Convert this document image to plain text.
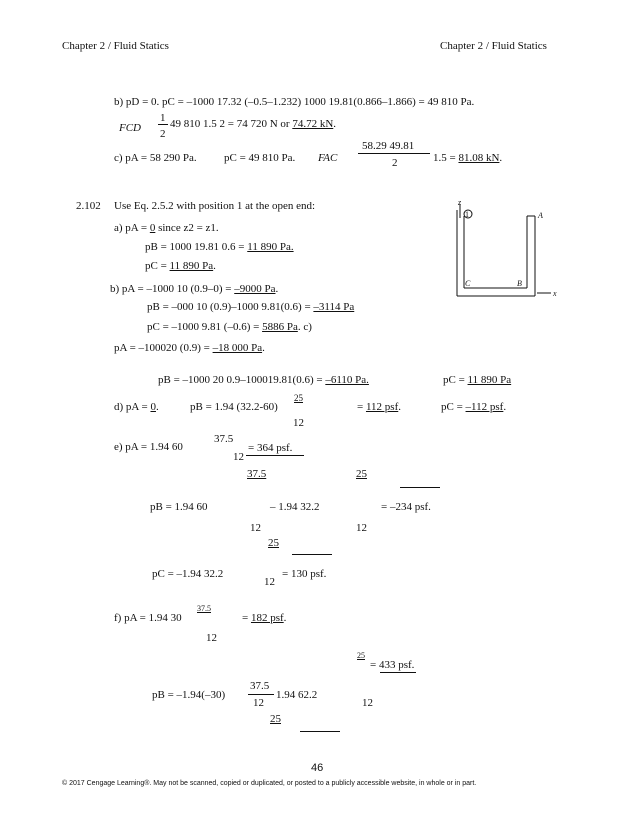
Chapter 2 / Fluid Statics	Chapter 2 / Fluid Statics
b) pD = 0. pC = –1000 17.32 (–0.5–1.232) 1000 19.81(0.866–1.866) = 49 810 Pa.
FCD
1
2
49 810 1.5 2 = 74 720 N or 74.72 kN.
c) pA = 58 290 Pa. pC = 49 810 Pa. FAC
58.29 49.81
2	1.5 = 81.08 kN.
2.102 Use Eq. 2.5.2 with position 1 at the open end:
a) pA = 0 since z2 = z1.
pB = 1000 19.81 0.6 = 11 890 Pa.
pC = 11 890 Pa.
b) pA = –1000 10 (0.9–0) = –9000 Pa.
pB = –000 10 (0.9)–1000 9.81(0.6) = –3114 Pa
pC = –1000 9.81 (–0.6) = 5886 Pa. c)
pA = –100020 (0.9) = –18 000 Pa.
pB = –1000 20 0.9–100019.81(0.6) = –6110 Pa.	pC = 11 890 Pa
d) pA = 0.	pB = 1.94 (32.2-60)
25
12
= 112 psf.	pC = –112 psf.
e) pA = 1.94 60
37.5
12
= 364 psf.
37.5	25
pB = 1.94 60	– 1.94 32.2	= –234 psf.
12	12
25
pC = –1.94 32.2
12
= 130 psf.
f) pA = 1.94 30
37.5
= 182 psf.
12
25
= 433 psf.
37.5
pB = –1.94(–30)
12
1.94 62.2
12
25
z
1	A
C	B
x
46
© 2017 Cengage Learning®. May not be scanned, copied or duplicated, or posted to a publicly accessible website, in whole or in part.
